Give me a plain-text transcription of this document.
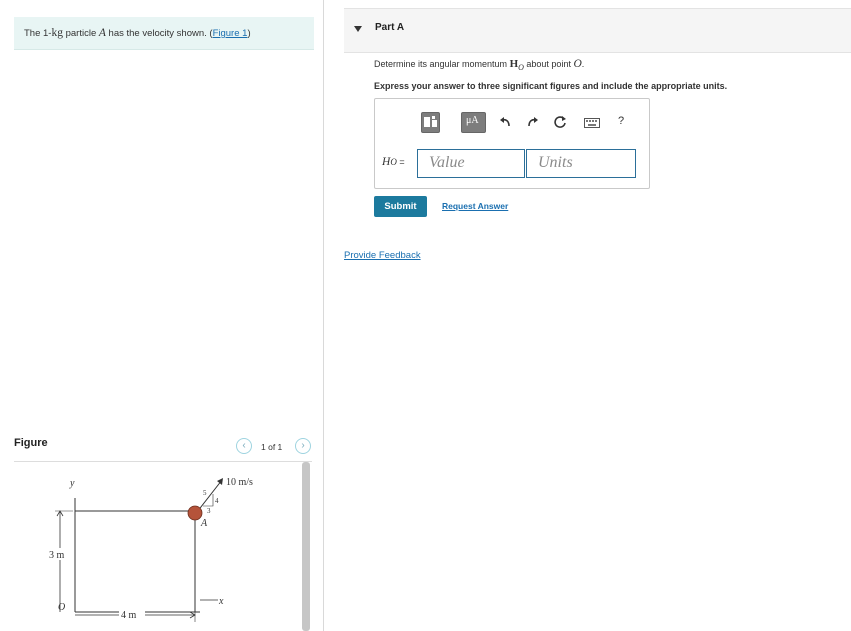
The 1-kg particle A has the velocity shown. (Figure 1)
Part A
Determine its angular momentum $H_O$ about point O.
Express your answer to three significant figures and include the appropriate units.
μA	?
HO = Value	Units
Submit	Request Answer
Provide Feedback
Figure	‹	1 of 1	›
y
x
3 m
O
4 m
10 m/s
5
4
3
A
